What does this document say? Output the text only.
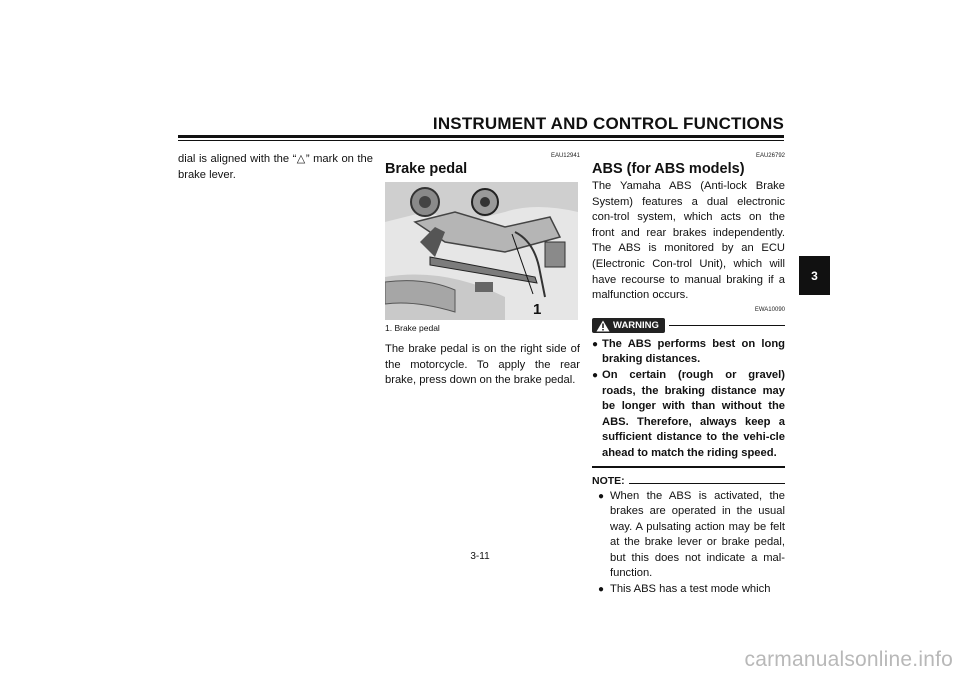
INSTRUMENT AND CONTROL FUNCTIONS
3
dial is aligned with the “△” mark on the brake lever.
EAU12941
Brake pedal
1
1. Brake pedal
The brake pedal is on the right side of the motorcycle. To apply the rear brake, press down on the brake pedal.
EAU26792
ABS (for ABS models)
The Yamaha ABS (Anti-lock Brake System) features a dual electronic con-trol system, which acts on the front and rear brakes independently. The ABS is monitored by an ECU (Electronic Con-trol Unit), which will have recourse to manual braking if a malfunction occurs.
EWA10090
WARNING
● The ABS performs best on long braking distances.
● On certain (rough or gravel) roads, the braking distance may be longer with than without the ABS. Therefore, always keep a sufficient distance to the vehi-cle ahead to match the riding speed.
NOTE:
● When the ABS is activated, the brakes are operated in the usual way. A pulsating action may be felt at the brake lever or brake pedal, but this does not indicate a mal-function.
● This ABS has a test mode which
3-11
carmanualsonline.info
